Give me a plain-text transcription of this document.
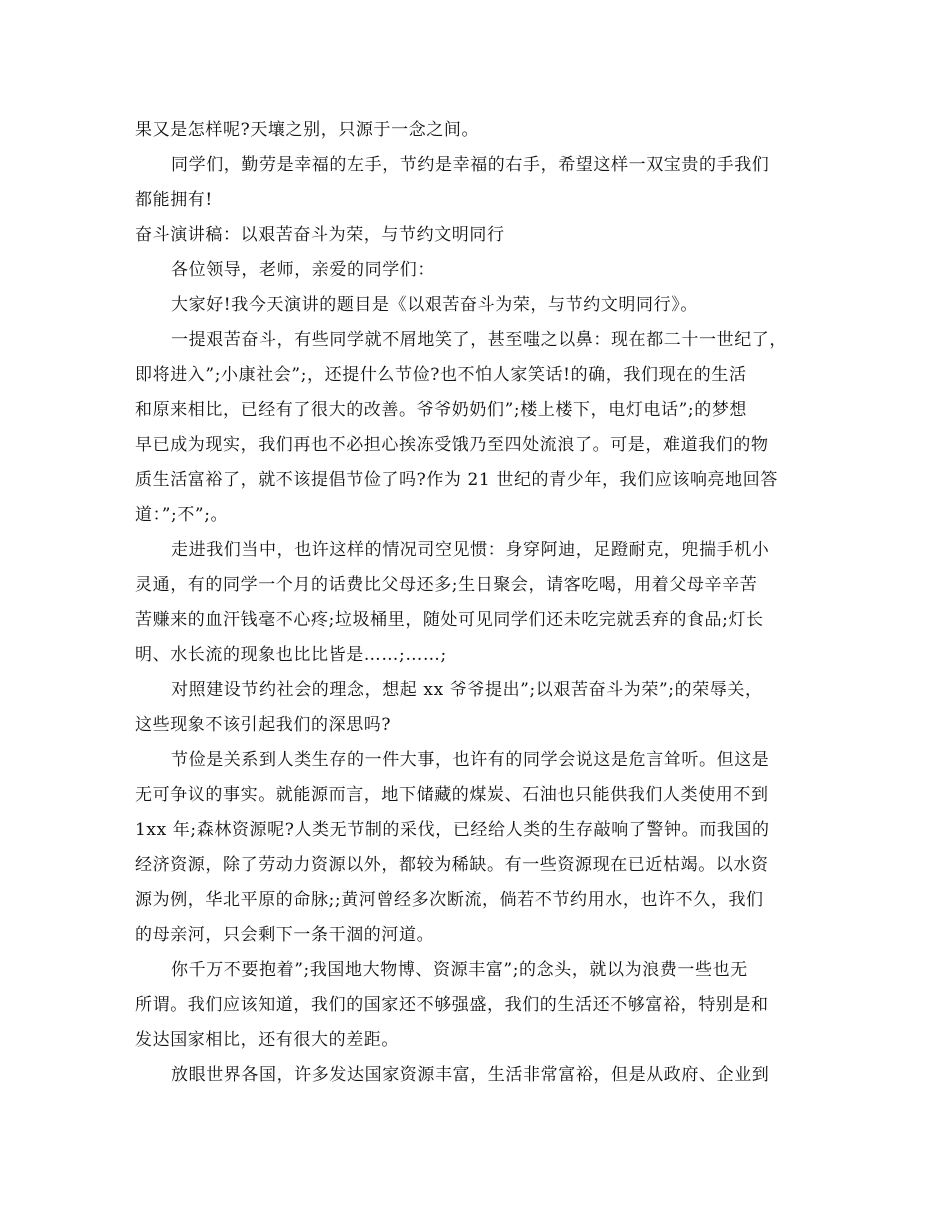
果又是怎样呢?天壤之别，只源于一念之间。
同学们，勤劳是幸福的左手，节约是幸福的右手，希望这样一双宝贵的手我们
都能拥有!
奋斗演讲稿：以艰苦奋斗为荣，与节约文明同行
各位领导，老师，亲爱的同学们：
大家好!我今天演讲的题目是《以艰苦奋斗为荣，与节约文明同行》。
一提艰苦奋斗，有些同学就不屑地笑了，甚至嗤之以鼻：现在都二十一世纪了，
即将进入”;小康社会”;，还提什么节俭?也不怕人家笑话!的确，我们现在的生活
和原来相比，已经有了很大的改善。爷爷奶奶们”;楼上楼下，电灯电话”;的梦想
早已成为现实，我们再也不必担心挨冻受饿乃至四处流浪了。可是，难道我们的物
质生活富裕了，就不该提倡节俭了吗?作为 21 世纪的青少年，我们应该响亮地回答
道：”;不”;。
走进我们当中，也许这样的情况司空见惯：身穿阿迪，足蹬耐克，兜揣手机小
灵通，有的同学一个月的话费比父母还多;生日聚会，请客吃喝，用着父母辛辛苦
苦赚来的血汗钱毫不心疼;垃圾桶里，随处可见同学们还未吃完就丢弃的食品;灯长
明、水长流的现象也比比皆是……;……;
对照建设节约社会的理念，想起 xx 爷爷提出”;以艰苦奋斗为荣”;的荣辱关，
这些现象不该引起我们的深思吗?
节俭是关系到人类生存的一件大事，也许有的同学会说这是危言耸听。但这是
无可争议的事实。就能源而言，地下储藏的煤炭、石油也只能供我们人类使用不到
1xx 年;森林资源呢?人类无节制的采伐，已经给人类的生存敲响了警钟。而我国的
经济资源，除了劳动力资源以外，都较为稀缺。有一些资源现在已近枯竭。以水资
源为例，华北平原的命脉;;黄河曾经多次断流，倘若不节约用水，也许不久，我们
的母亲河，只会剩下一条干涸的河道。
你千万不要抱着”;我国地大物博、资源丰富”;的念头，就以为浪费一些也无
所谓。我们应该知道，我们的国家还不够强盛，我们的生活还不够富裕，特别是和
发达国家相比，还有很大的差距。
放眼世界各国，许多发达国家资源丰富，生活非常富裕，但是从政府、企业到
